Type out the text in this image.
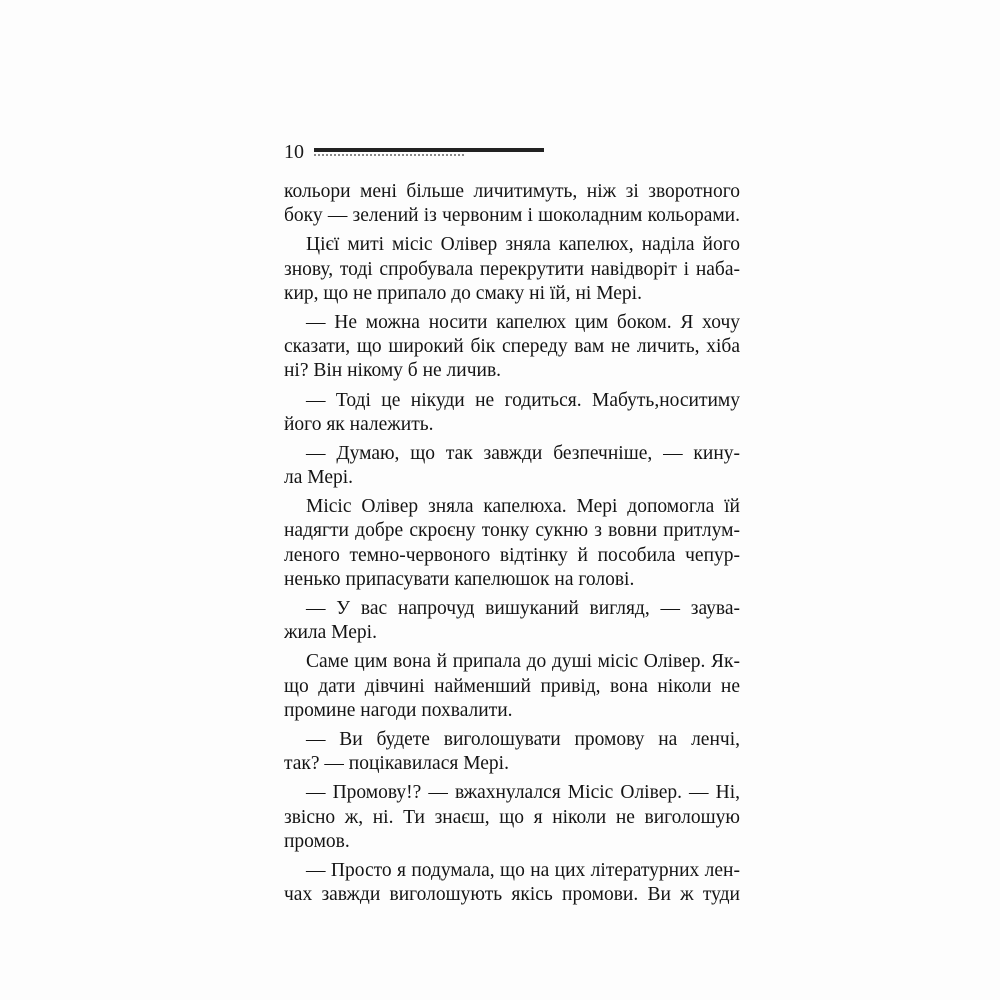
10
кольори мені більше личитимуть, ніж зі зворотного
боку — зелений із червоним і шоколадним кольорами.
Цієї миті місіс Олівер зняла капелюх, наділа його
знову, тоді спробувала перекрутити навідворіт і наба-
кир, що не припало до смаку ні їй, ні Мері.
— Не можна носити капелюх цим боком. Я хочу
сказати, що широкий бік спереду вам не личить, хіба
ні? Він нікому б не личив.
— Тоді це нікуди не годиться. Мабуть,носитиму
його як належить.
— Думаю, що так завжди безпечніше, — кину-
ла Мері.
Місіс Олівер зняла капелюха. Мері допомогла їй
надягти добре скроєну тонку сукню з вовни притлум-
леного темно-червоного відтінку й пособила чепур-
ненько припасувати капелюшок на голові.
— У вас напрочуд вишуканий вигляд, — заува-
жила Мері.
Саме цим вона й припала до душі місіс Олівер. Як-
що дати дівчині найменший привід, вона ніколи не
промине нагоди похвалити.
— Ви будете виголошувати промову на ленчі,
так? — поцікавилася Мері.
— Промову!? — вжахнулался Місіс Олівер. — Ні,
звісно ж, ні. Ти знаєш, що я ніколи не виголошую
промов.
— Просто я подумала, що на цих літературних лен-
чах завжди виголошують якісь промови. Ви ж туди
